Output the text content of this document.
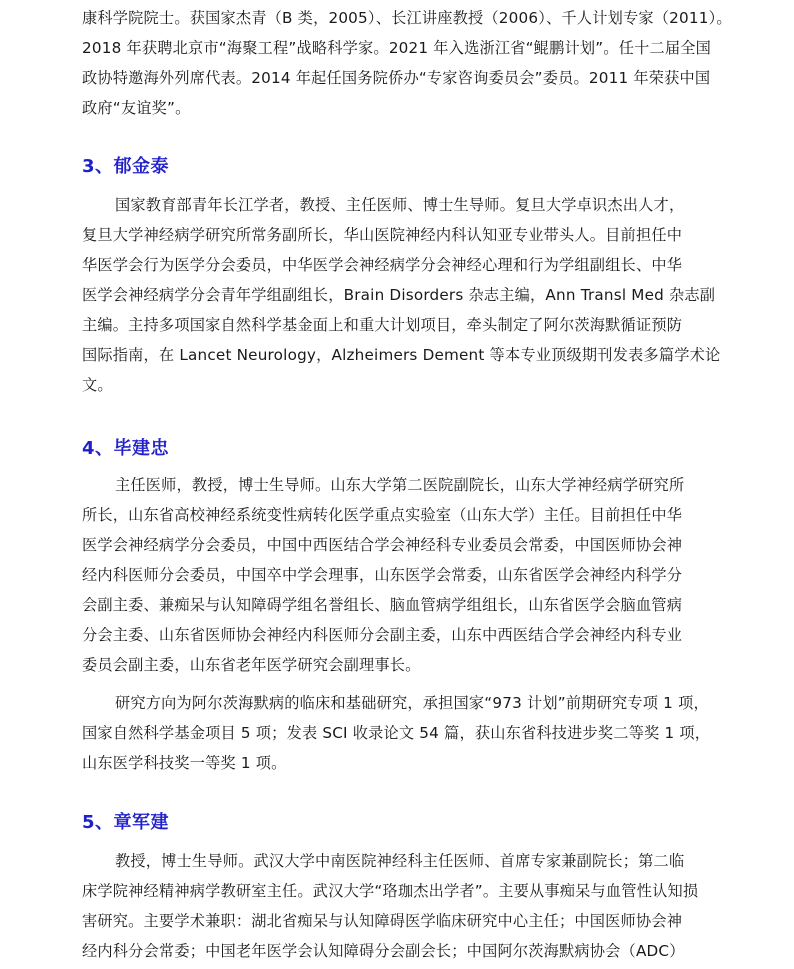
康科学院院士。获国家杰青（B 类，2005）、长江讲座教授（2006）、千人计划专家（2011）。
2018 年获聘北京市“海聚工程”战略科学家。2021 年入选浙江省“鲲鹏计划”。任十二届全国
政协特邀海外列席代表。2014 年起任国务院侨办“专家咨询委员会”委员。2011 年荣获中国
政府“友谊奖”。
3、郁金泰
国家教育部青年长江学者，教授、主任医师、博士生导师。复旦大学卓识杰出人才，
复旦大学神经病学研究所常务副所长，华山医院神经内科认知亚专业带头人。目前担任中
华医学会行为医学分会委员，中华医学会神经病学分会神经心理和行为学组副组长、中华
医学会神经病学分会青年学组副组长，Brain Disorders 杂志主编，Ann Transl Med 杂志副
主编。主持多项国家自然科学基金面上和重大计划项目，牵头制定了阿尔茨海默循证预防
国际指南，在 Lancet Neurology，Alzheimers Dement 等本专业顶级期刊发表多篇学术论
文。
4、毕建忠
主任医师，教授，博士生导师。山东大学第二医院副院长，山东大学神经病学研究所
所长，山东省高校神经系统变性病转化医学重点实验室（山东大学）主任。目前担任中华
医学会神经病学分会委员，中国中西医结合学会神经科专业委员会常委，中国医师协会神
经内科医师分会委员，中国卒中学会理事，山东医学会常委，山东省医学会神经内科学分
会副主委、兼痴呆与认知障碍学组名誉组长、脑血管病学组组长，山东省医学会脑血管病
分会主委、山东省医师协会神经内科医师分会副主委，山东中西医结合学会神经内科专业
委员会副主委，山东省老年医学研究会副理事长。
研究方向为阿尔茨海默病的临床和基础研究，承担国家“973 计划”前期研究专项 1 项，
国家自然科学基金项目 5 项；发表 SCI 收录论文 54 篇，获山东省科技进步奖二等奖 1 项，
山东医学科技奖一等奖 1 项。
5、章军建
教授，博士生导师。武汉大学中南医院神经科主任医师、首席专家兼副院长；第二临
床学院神经精神病学教研室主任。武汉大学“珞珈杰出学者”。主要从事痴呆与血管性认知损
害研究。主要学术兼职：湖北省痴呆与认知障碍医学临床研究中心主任；中国医师协会神
经内科分会常委；中国老年医学会认知障碍分会副会长；中国阿尔茨海默病协会（ADC）
